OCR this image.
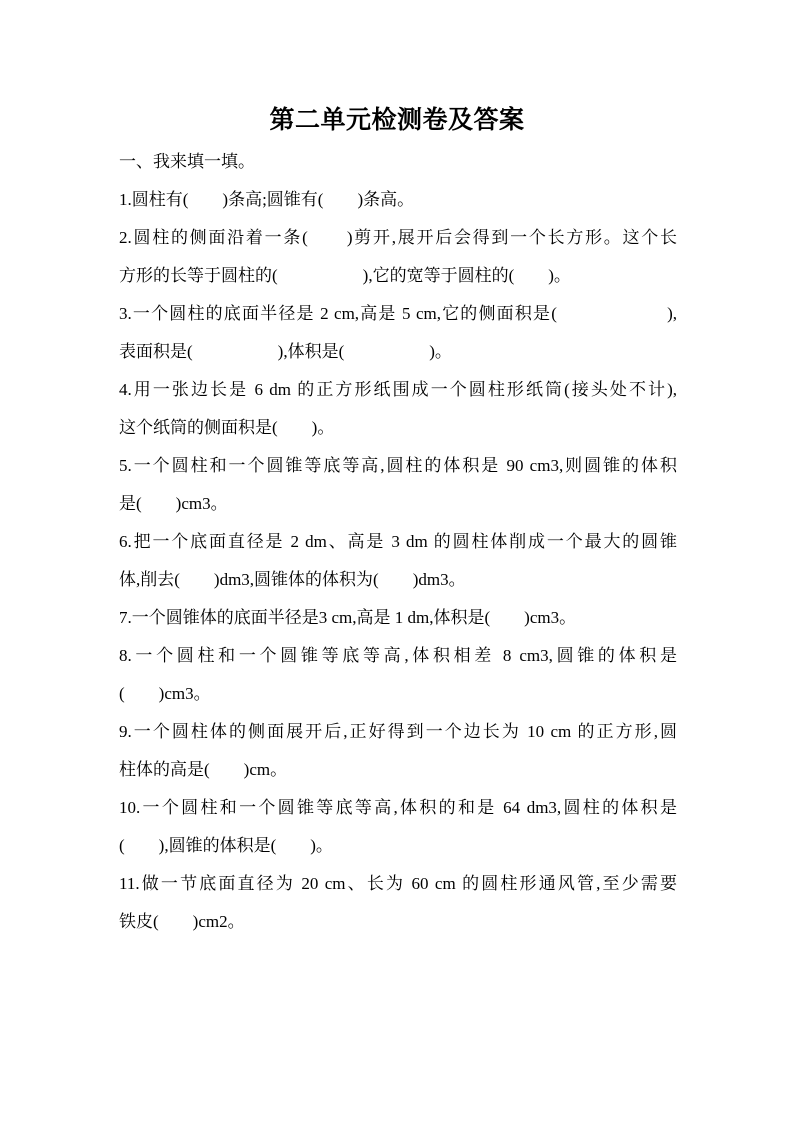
第二单元检测卷及答案
一、我来填一填。
1.圆柱有(　　)条高;圆锥有(　　)条高。
2.圆柱的侧面沿着一条(　　)剪开,展开后会得到一个长方形。这个长
方形的长等于圆柱的(　　　　　),它的宽等于圆柱的(　　)。
3.一个圆柱的底面半径是 2 cm,高是 5 cm,它的侧面积是(　　　　　　),
表面积是(　　　　　),体积是(　　　　　)。
4.用一张边长是 6 dm 的正方形纸围成一个圆柱形纸筒(接头处不计),
这个纸筒的侧面积是(　　)。
5.一个圆柱和一个圆锥等底等高,圆柱的体积是 90 cm3,则圆锥的体积
是(　　)cm3。
6.把一个底面直径是 2 dm、高是 3 dm 的圆柱体削成一个最大的圆锥
体,削去(　　)dm3,圆锥体的体积为(　　)dm3。
7.一个圆锥体的底面半径是3 cm,高是 1 dm,体积是(　　)cm3。
8.一个圆柱和一个圆锥等底等高,体积相差 8 cm3,圆锥的体积是
(　　)cm3。
9.一个圆柱体的侧面展开后,正好得到一个边长为 10 cm 的正方形,圆
柱体的高是(　　)cm。
10.一个圆柱和一个圆锥等底等高,体积的和是 64 dm3,圆柱的体积是
(　　),圆锥的体积是(　　)。
11.做一节底面直径为 20 cm、长为 60 cm 的圆柱形通风管,至少需要
铁皮(　　)cm2。
